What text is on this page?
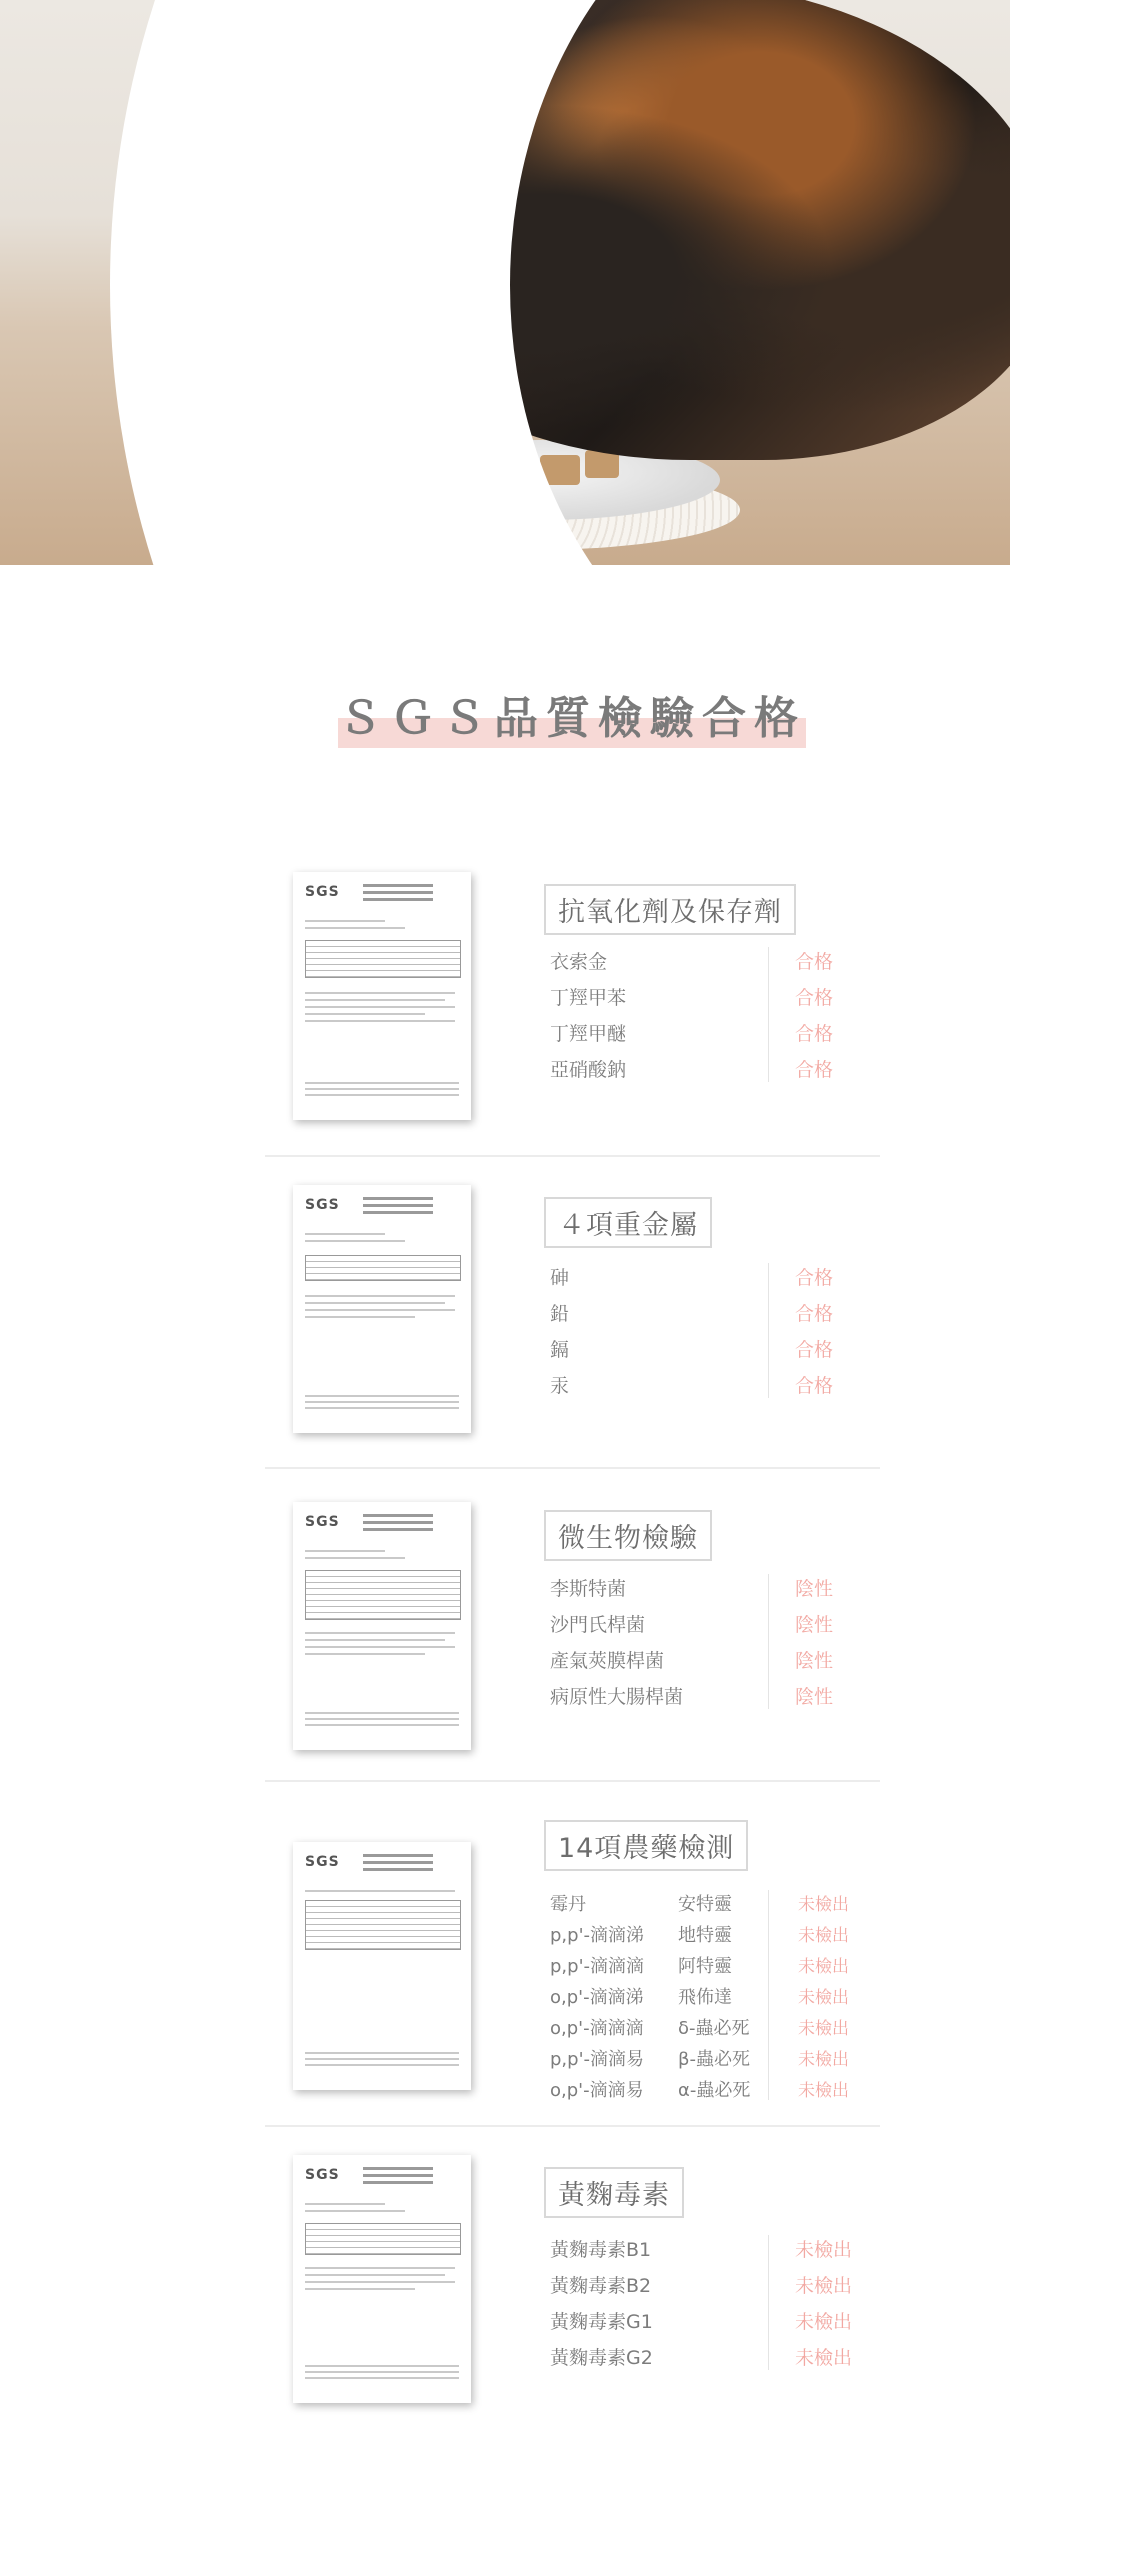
蛀咪小姐
貓保養凍乾
關鍵護理・大口食用
ＳＧＳ品質檢驗合格
SGS
抗氧化劑及保存劑
衣索金
丁羥甲苯
丁羥甲醚
亞硝酸鈉
合格
合格
合格
合格
SGS
４項重金屬
砷
鉛
鎘
汞
合格
合格
合格
合格
SGS
微生物檢驗
李斯特菌
沙門氏桿菌
產氣莢膜桿菌
病原性大腸桿菌
陰性
陰性
陰性
陰性
SGS	14項農藥檢測
霉丹
p,p'-滴滴涕
p,p'-滴滴滴
o,p'-滴滴涕
o,p'-滴滴滴
p,p'-滴滴易
o,p'-滴滴易
安特靈
地特靈
阿特靈
飛佈達
δ-蟲必死
β-蟲必死
α-蟲必死
未檢出
未檢出
未檢出
未檢出
未檢出
未檢出
未檢出
SGS
黃麴毒素
黃麴毒素B1
黃麴毒素B2
黃麴毒素G1
黃麴毒素G2
未檢出
未檢出
未檢出
未檢出
